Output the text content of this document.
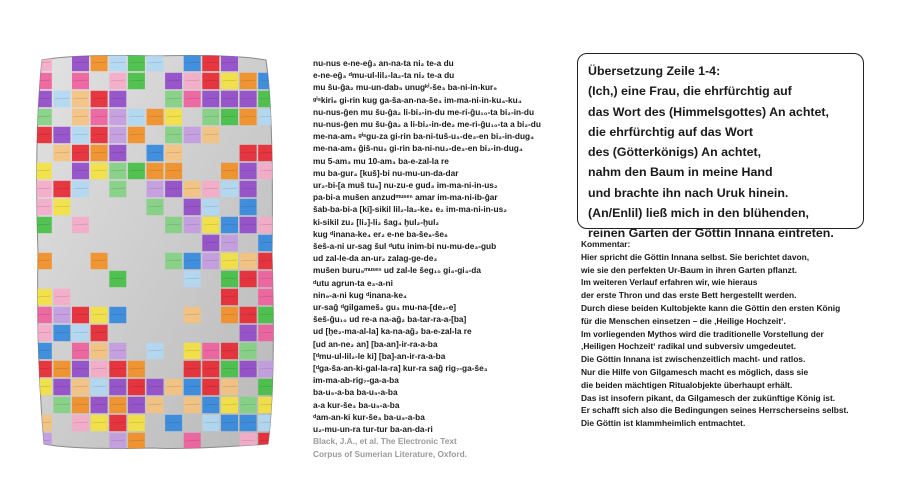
nu-nus e-ne-eĝ₃ an-na-ta ni₂ te-a du
e-ne-eĝ₃ ᵈmu-ul-lil₂-la₂-ta ni₂ te-a du
mu šu-ĝa₂ mu-un-dab₅ unugᵏⁱ-še₃ ba-ni-in-kur₉
ᵍⁱˢkiri₆ gi-rin kug ga-ša-an-na-še₃ im-ma-ni-in-ku₄-ku₄
nu-nus-ĝen mu šu-ĝa₂ li-bi₂-in-du me-ri-ĝu₁₀-ta bi₂-in-du
nu-nus-ĝen mu šu-ĝa₂ a li-bi₂-in-de₂ me-ri-ĝu₁₀-ta a bi₂-du
me-na-am₃ ᵍⁱˢgu-za gi-rin ba-ni-tuš-u₃-de₃-en bi₂-in-dug₄
me-na-am₃ ĝiš-nu₂ gi-rin ba-ni-nu₂-de₃-en bi₂-in-dug₄
mu 5-am₃ mu 10-am₃ ba-e-zal-la re
mu ba-gur₄ [kuš]-bi nu-mu-un-da-dar
ur₂-bi-[a muš tu₆] nu-zu-e gud₃ im-ma-ni-in-us₂
pa-bi-a mušen anzudᵐᵘˢᵉⁿ amar im-ma-ni-ib-ĝar
šab-ba-bi-a [ki]-sikil lil₂-la₂-ke₄ e₂ im-ma-ni-in-us₂
ki-sikil zu₂ [li₂]-li₂ šag₄ ḫul₂-ḫul₂
kug ᵈinana-ke₄ er₂ e-ne ba-še₈-še₈
šeš-a-ni ur-sag šul ᵈutu inim-bi nu-mu-de₃-gub
ud zal-le-da an-ur₂ zalag-ge-de₃
mušen buru₅ᵐᵘˢᵉⁿ ud zal-le šeg₁₀ gi₄-gi₄-da
ᵈutu agrun-ta e₃-a-ni
nin₉-a-ni kug ᵈinana-ke₄
ur-saĝ ᵈgilgameš₂ gu₃ mu-na-[de₂-e]
šeš-ĝu₁₀ ud re-a na-ağ₂ ba-tar-ra-a-[ba]
ud [ḫe₂-ma-al-la] ka-na-ağ₂ ba-e-zal-la re
[ud an-ne₂ an] [ba-an]-ir-ra-a-ba
[ᵈmu-ul-lil₂-le ki] [ba]-an-ir-ra-a-ba
[ᵈga-ša-an-ki-gal-la-ra] kur-ra saĝ rig₇-ga-še₃
im-ma-ab-rig₇-ga-a-ba
ba-u₅-a-ba ba-u₅-a-ba
a-a kur-še₃ ba-u₅-a-ba
ᵈam-an-ki kur-še₃ ba-u₅-a-ba
u₂-mu-un-ra tur-tur ba-an-da-ri
Black, J.A., et al. The Electronic Text
Corpus of Sumerian Literature, Oxford.
Übersetzung Zeile 1-4:
(Ich,) eine Frau, die ehrfürchtig auf
das Wort des (Himmelsgottes) An achtet,
die ehrfürchtig auf das Wort
des (Götterkönigs) An achtet,
nahm den Baum in meine Hand
und brachte ihn nach Uruk hinein.
(An/Enlil) ließ mich in den blühenden,
reinen Garten der Göttin Innana eintreten.
Kommentar:
Hier spricht die Göttin Innana selbst. Sie berichtet davon,
wie sie den perfekten Ur-Baum in ihren Garten pflanzt.
Im weiteren Verlauf erfahren wir, wie hieraus
der erste Thron und das erste Bett hergestellt werden.
Durch diese beiden Kultobjekte kann die Göttin den ersten König
für die Menschen einsetzen – die ‚Heilige Hochzeit‘.
Im vorliegenden Mythos wird die traditionelle Vorstellung der
‚Heiligen Hochzeit‘ radikal und subversiv umgedeutet.
Die Göttin Innana ist zwischenzeitlich macht- und ratlos.
Nur die Hilfe von Gilgamesch macht es möglich, dass sie
die beiden mächtigen Ritualobjekte überhaupt erhält.
Das ist insofern pikant, da Gilgamesch der zukünftige König ist.
Er schafft sich also die Bedingungen seines Herrscherseins selbst.
Die Göttin ist klammheimlich entmachtet.
